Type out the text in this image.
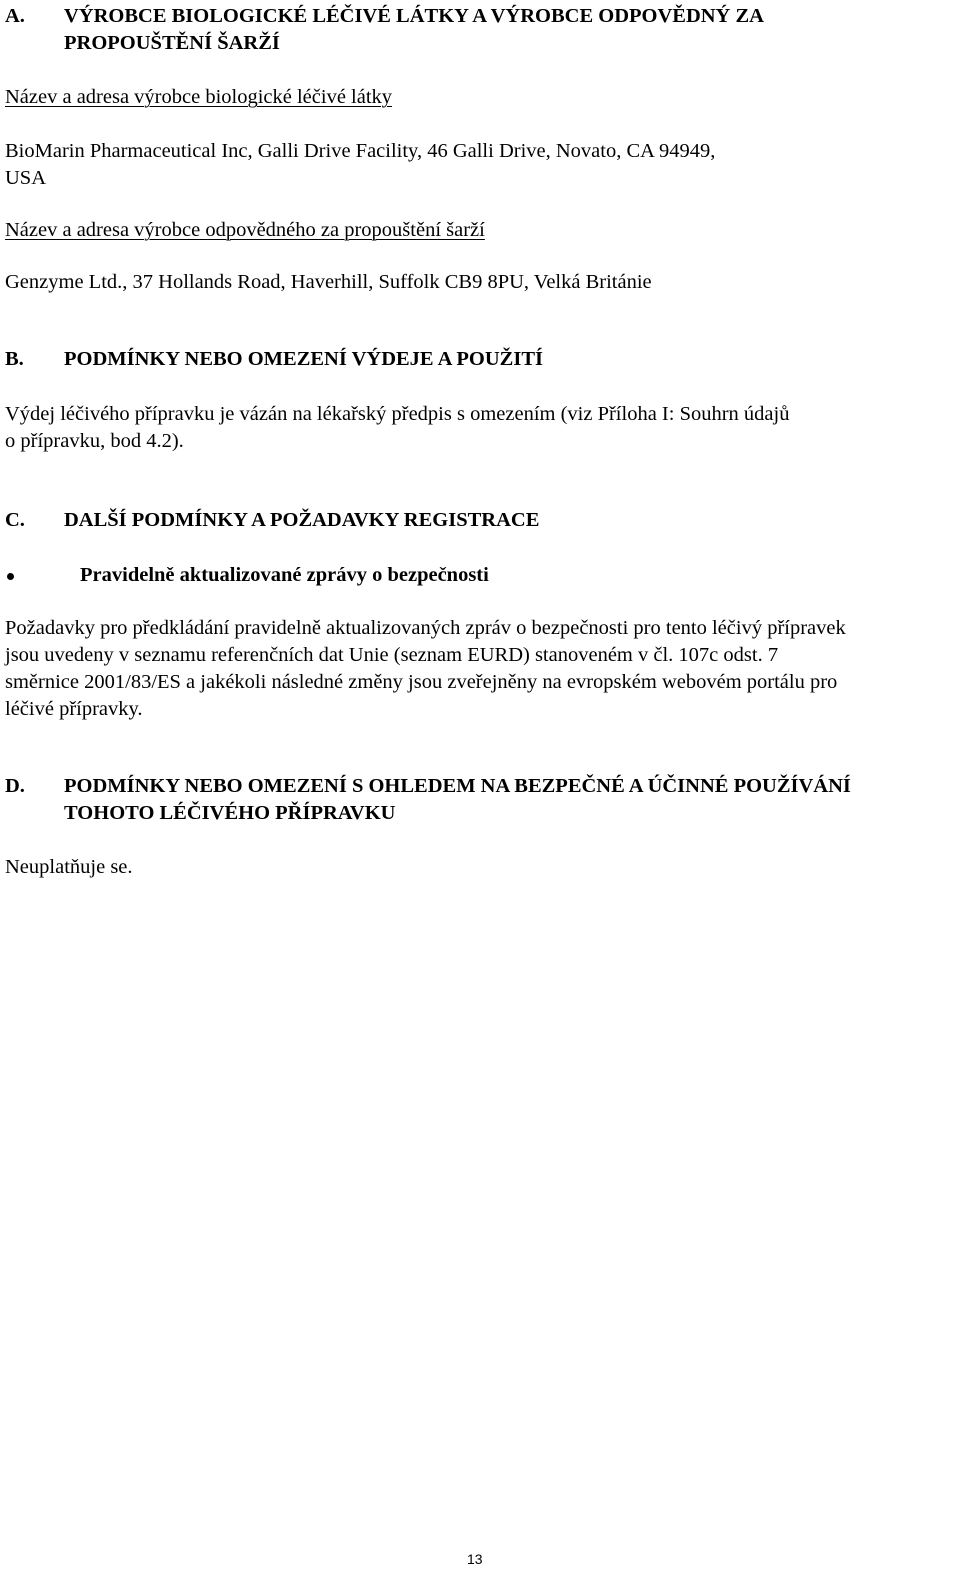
A. VÝROBCE BIOLOGICKÉ LÉČIVÉ LÁTKY A VÝROBCE ODPOVĚDNÝ ZA
PROPOUŠTĚNÍ ŠARŽÍ
Název a adresa výrobce biologické léčivé látky
BioMarin Pharmaceutical Inc, Galli Drive Facility, 46 Galli Drive, Novato, CA 94949,
USA
Název a adresa výrobce odpovědného za propouštění šarží
Genzyme Ltd., 37 Hollands Road, Haverhill, Suffolk CB9 8PU, Velká Británie
B. PODMÍNKY NEBO OMEZENÍ VÝDEJE A POUŽITÍ
Výdej léčivého přípravku je vázán na lékařský předpis s omezením (viz Příloha I: Souhrn údajů
o přípravku, bod 4.2).
C. DALŠÍ PODMÍNKY A POŽADAVKY REGISTRACE
Pravidelně aktualizované zprávy o bezpečnosti
Požadavky pro předkládání pravidelně aktualizovaných zpráv o bezpečnosti pro tento léčivý přípravek
jsou uvedeny v seznamu referenčních dat Unie (seznam EURD) stanoveném v čl. 107c odst. 7
směrnice 2001/83/ES a jakékoli následné změny jsou zveřejněny na evropském webovém portálu pro
léčivé přípravky.
D. PODMÍNKY NEBO OMEZENÍ S OHLEDEM NA BEZPEČNÉ A ÚČINNÉ POUŽÍVÁNÍ
TOHOTO LÉČIVÉHO PŘÍPRAVKU
Neuplatňuje se.
13
